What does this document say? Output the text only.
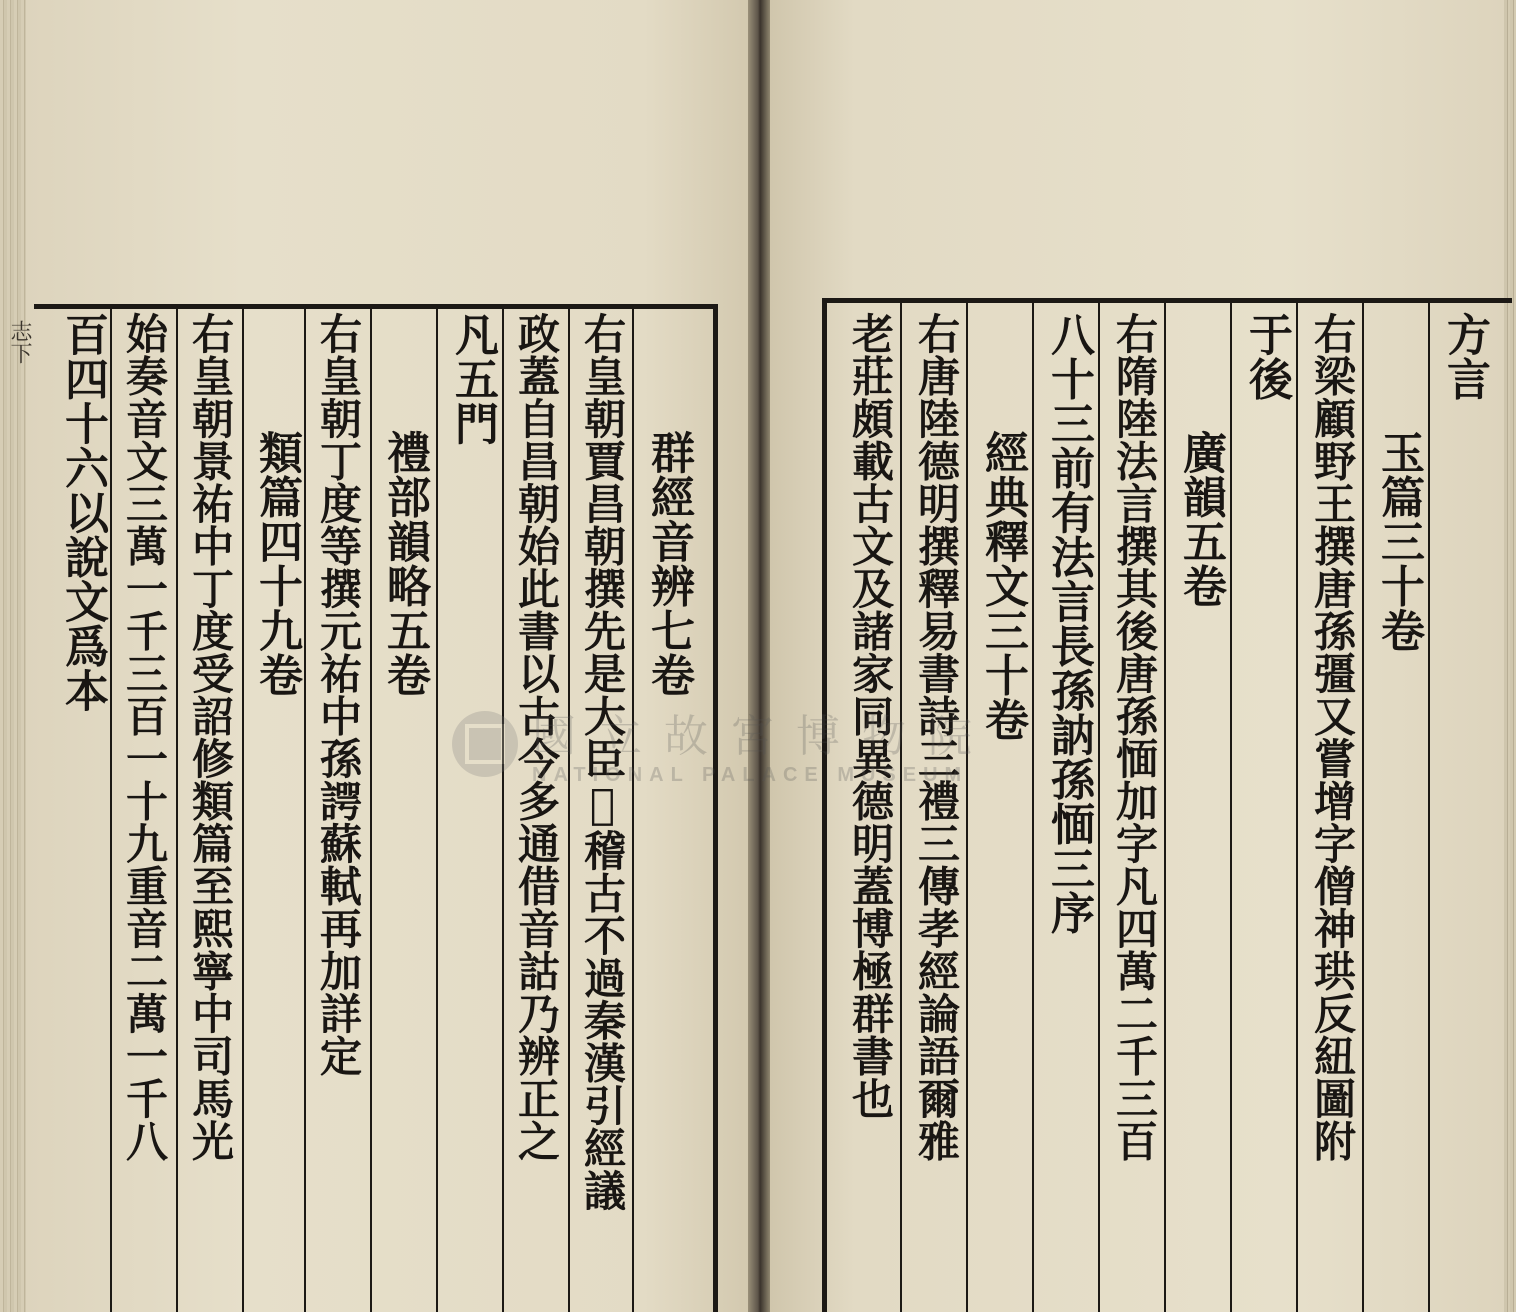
群經音辨七卷
右皇朝賈昌朝撰先是大臣𣈆稽古不過秦漢引經議
政蓋自昌朝始此書以古今多通借音詁乃辨正之
凡五門
禮部韻略五卷
右皇朝丁度等撰元祐中孫諤蘇軾再加詳定
類篇四十九卷
右皇朝景祐中丁度受詔修類篇至熙寧中司馬光
始奏音文三萬一千三百一十九重音二萬一千八
百四十六以說文爲本
志下	方言
玉篇三十卷
右梁顧野王撰唐孫彊又嘗增字僧神珙反紐圖附
于後
廣韻五卷
右隋陸法言撰其後唐孫愐加字凡四萬二千三百
八十三前有法言長孫訥孫愐三序
經典釋文三十卷
右唐陸德明撰釋易書詩三禮三傳孝經論語爾雅
老莊頗載古文及諸家同異德明蓋博極群書也
國立故宮博物院
NATIONAL PALACE MUSEUM
